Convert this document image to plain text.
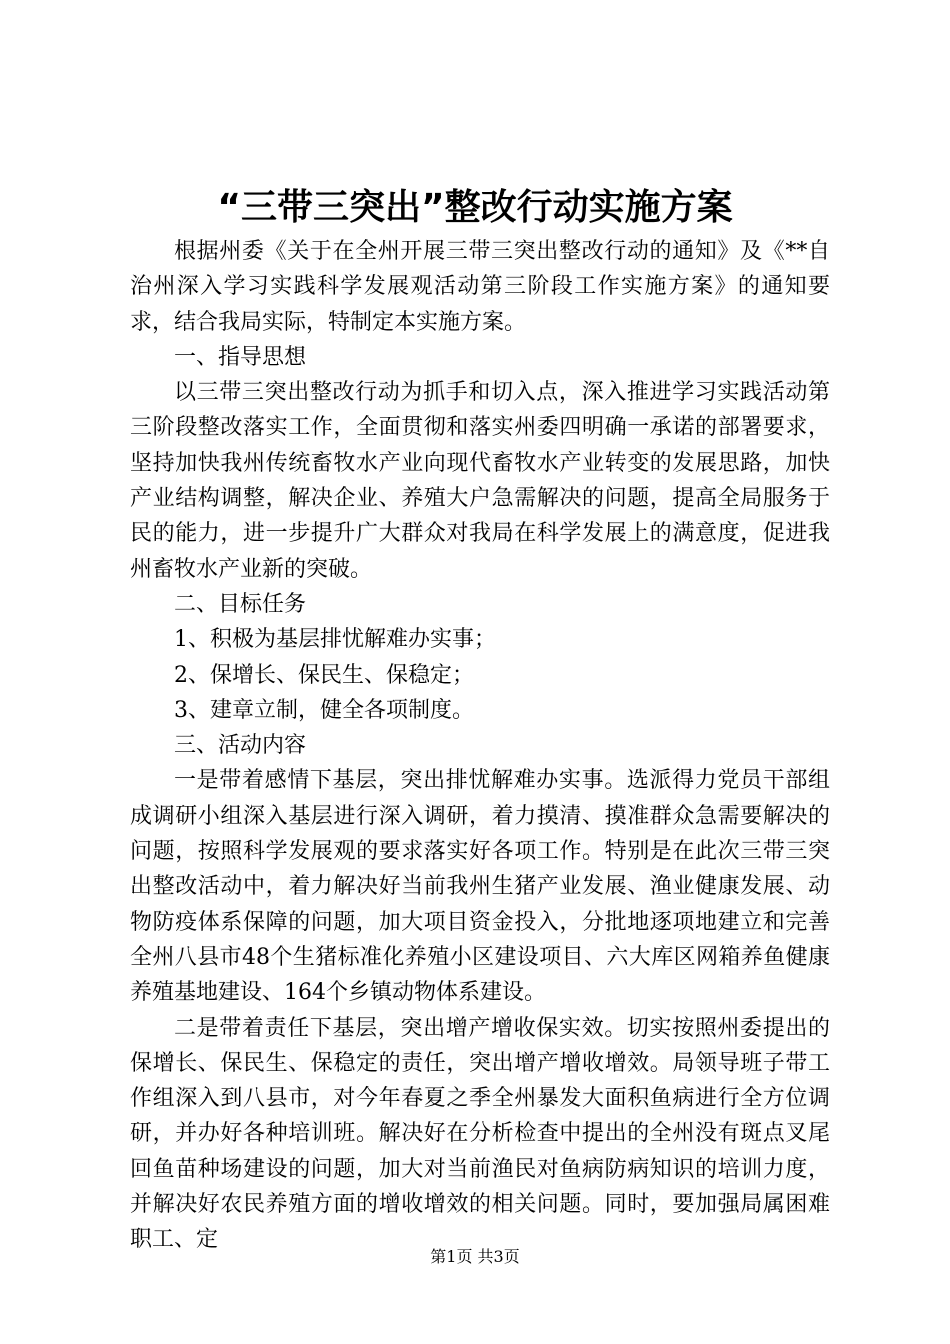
“三带三突出”整改行动实施方案

根据州委《关于在全州开展三带三突出整改行动的通知》及《**自治州深入学习实践科学发展观活动第三阶段工作实施方案》的通知要求，结合我局实际，特制定本实施方案。

一、指导思想

以三带三突出整改行动为抓手和切入点，深入推进学习实践活动第三阶段整改落实工作，全面贯彻和落实州委四明确一承诺的部署要求，坚持加快我州传统畜牧水产业向现代畜牧水产业转变的发展思路，加快产业结构调整，解决企业、养殖大户急需解决的问题，提高全局服务于民的能力，进一步提升广大群众对我局在科学发展上的满意度，促进我州畜牧水产业新的突破。

二、目标任务

1、积极为基层排忧解难办实事；

2、保增长、保民生、保稳定；

3、建章立制，健全各项制度。

三、活动内容

一是带着感情下基层，突出排忧解难办实事。选派得力党员干部组成调研小组深入基层进行深入调研，着力摸清、摸准群众急需要解决的问题，按照科学发展观的要求落实好各项工作。特别是在此次三带三突出整改活动中，着力解决好当前我州生猪产业发展、渔业健康发展、动物防疫体系保障的问题，加大项目资金投入，分批地逐项地建立和完善全州八县市48个生猪标准化养殖小区建设项目、六大库区网箱养鱼健康养殖基地建设、164个乡镇动物体系建设。

二是带着责任下基层，突出增产增收保实效。切实按照州委提出的保增长、保民生、保稳定的责任，突出增产增收增效。局领导班子带工作组深入到八县市，对今年春夏之季全州暴发大面积鱼病进行全方位调研，并办好各种培训班。解决好在分析检查中提出的全州没有斑点叉尾回鱼苗种场建设的问题，加大对当前渔民对鱼病防病知识的培训力度，并解决好农民养殖方面的增收增效的相关问题。同时，要加强局属困难职工、定

第1页 共3页
